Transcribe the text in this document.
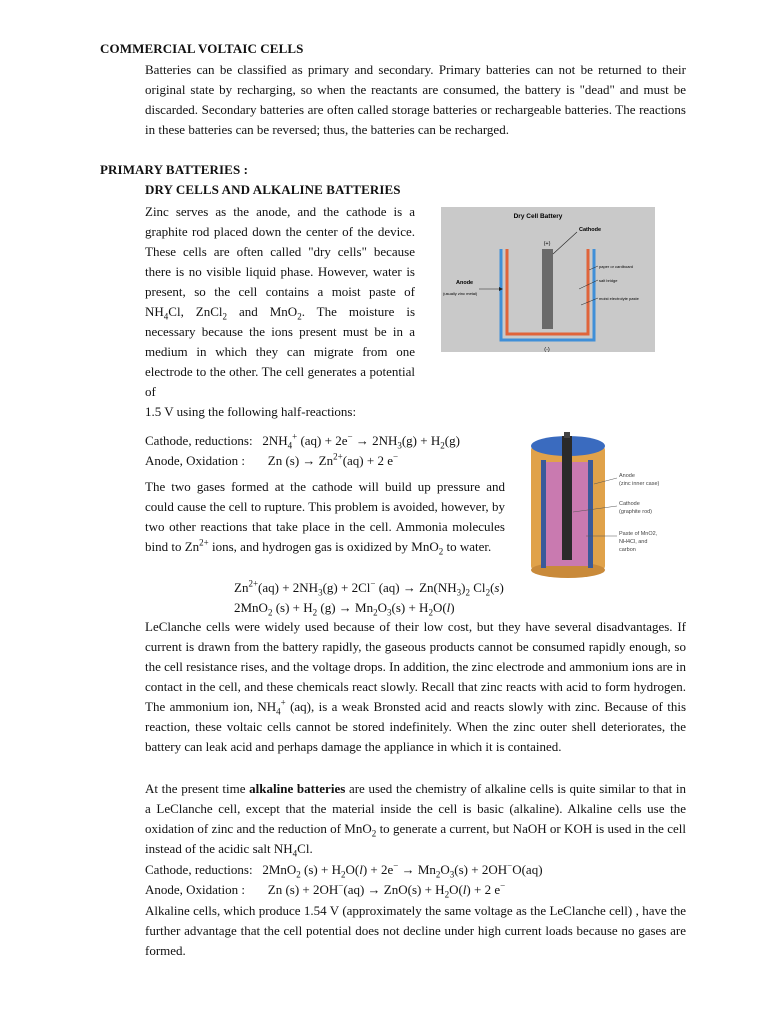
COMMERCIAL VOLTAIC CELLS
Batteries can be classified as primary and secondary. Primary batteries can not be returned to their original state by recharging, so when the reactants are consumed, the battery is "dead" and must be discarded. Secondary batteries are often called storage batteries or rechargeable batteries. The reactions in these batteries can be reversed; thus, the batteries can be recharged.
PRIMARY BATTERIES :
DRY CELLS AND ALKALINE BATTERIES
Zinc serves as the anode, and the cathode is a graphite rod placed down the center of the device. These cells are often called "dry cells" because there is no visible liquid phase. However, water is present, so the cell contains a moist paste of $NH_4Cl$, ZnCl$_2$ and MnO$_2$. The moisture is necessary because the ions present must be in a medium in which they can migrate from one electrode to the other. The cell generates a potential of
1.5 V using the following half-reactions:
Dry Cell Battery
(+)
(-)
Cathode
Anode
(usually zinc metal)
paper or cardboard
salt bridge
moist electrolyte paste
Cathode, reductions:   $2NH_4^+$ $(aq) + 2e^- \to 2NH_3(g) + H_2(g)$
Anode, Oxidation :       Zn $(s) \to Zn^{2+}(aq) + 2$ e−
Anode
(zinc inner case)
Cathode
(graphite rod)
Paste of MnO2,
NH4Cl, and
carbon
The two gases formed at the cathode will build up pressure and could cause the cell to rupture. This problem is avoided, however, by two other reactions that take place in the cell. Ammonia molecules bind to $Zn^{2+}$ ions, and hydrogen gas is oxidized by MnO$_2$ to water.
$Zn^{2+}(aq) + 2NH_3(g) + 2Cl^-$ $(aq) \to Zn(NH_3)_2$ $Cl_2(s)$
2MnO$_2$ $(s) + H_2$ $(g) \to Mn_2O_3(s) + H_2O(l)$
LeClanche cells were widely used because of their low cost, but they have several disadvantages. If current is drawn from the battery rapidly, the gaseous products cannot be consumed rapidly enough, so the cell resistance rises, and the voltage drops. In addition, the zinc electrode and ammonium ions are in contact in the cell, and these chemicals react slowly. Recall that zinc reacts with acid to form hydrogen. The ammonium ion, $NH_4^+$ (aq), is a weak Bronsted acid and reacts slowly with zinc. Because of this reaction, these voltaic cells cannot be stored indefinitely. When the zinc outer shell deteriorates, the battery can leak acid and perhaps damage the appliance in which it is contained.
At the present time alkaline batteries are used the chemistry of alkaline cells is quite similar to that in a LeClanche cell, except that the material inside the cell is basic (alkaline). Alkaline cells use the oxidation of zinc and the reduction of MnO$_2$ to generate a current, but NaOH or KOH is used in the cell instead of the acidic salt $NH_4Cl$.
Cathode, reductions:   2MnO$_2$ $(s) + H_2O(l) + 2e^- \to Mn_2O_3(s) + 2OH^-O(aq)$
Anode, Oxidation :       Zn $(s) + 2OH^-(aq) \to ZnO(s) + H_2O(l) + 2$ e−
Alkaline cells, which produce 1.54 V (approximately the same voltage as the LeClanche cell) , have the further advantage that the cell potential does not decline under high current loads because no gases are formed.
